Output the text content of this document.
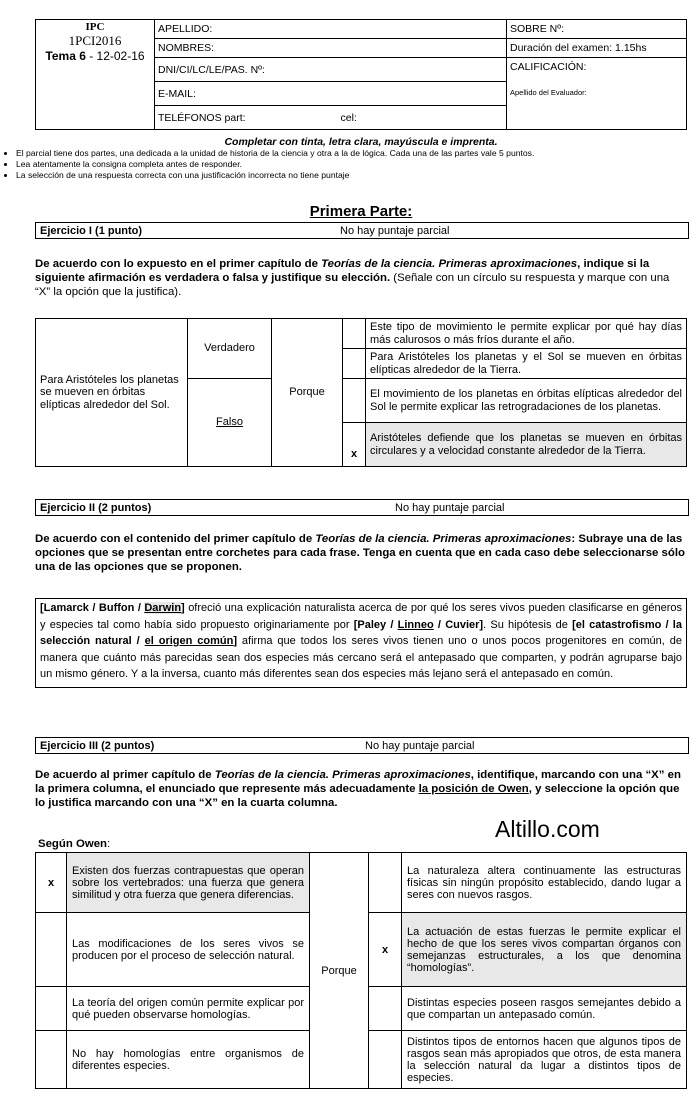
IPC
1PCI2016
Tema 6 - 12-02-16	APELLIDO:	SOBRE Nº:
	NOMBRES:	Duración del examen: 1.15hs
	DNI/CI/LC/LE/PAS. Nº:	CALIFICACIÓN:
Apellido del Evaluador:

	E-MAIL:	
	TELÉFONOS part: cel:	
Completar con tinta, letra clara, mayúscula e imprenta.
• El parcial tiene dos partes, una dedicada a la unidad de historia de la ciencia y otra a la de lógica. Cada una de las partes vale 5 puntos.
• Lea atentamente la consigna completa antes de responder.
• La selección de una respuesta correcta con una justificación incorrecta no tiene puntaje
Primera Parte:
Ejercicio I (1 punto)	No hay puntaje parcial
De acuerdo con lo expuesto en el primer capítulo de Teorías de la ciencia. Primeras aproximaciones, indique si la siguiente afirmación es verdadera o falsa y justifique su elección. (Señale con un círculo su respuesta y marque con una “X” la opción que la justifica).
Para Aristóteles los planetas se mueven en órbitas elípticas alrededor del Sol.	Verdadero	Porque		Este tipo de movimiento le permite explicar por qué hay días más calurosos o más fríos durante el año.
				Para Aristóteles los planetas y el Sol se mueven en órbitas elípticas alrededor de la Tierra.
	Falso			El movimiento de los planetas en órbitas elípticas alrededor del Sol le permite explicar las retrogradaciones de los planetas.
			x	Aristóteles defiende que los planetas se mueven en órbitas circulares y a velocidad constante alrededor de la Tierra.
Ejercicio II (2 puntos)	No hay puntaje parcial
De acuerdo con el contenido del primer capítulo de Teorías de la ciencia. Primeras aproximaciones: Subraye una de las opciones que se presentan entre corchetes para cada frase. Tenga en cuenta que en cada caso debe seleccionarse sólo una de las opciones que se proponen.
[Lamarck / Buffon / Darwin] ofreció una explicación naturalista acerca de por qué los seres vivos pueden clasificarse en géneros y especies tal como había sido propuesto originariamente por [Paley / Linneo / Cuvier]. Su hipótesis de [el catastrofismo / la selección natural / el origen común] afirma que todos los seres vivos tienen uno o unos pocos progenitores en común, de manera que cuánto más parecidas sean dos especies más cercano será el antepasado que comparten, y podrán agruparse bajo un mismo género. Y a la inversa, cuanto más diferentes sean dos especies más lejano será el antepasado en común.
Ejercicio III (2 puntos)	No hay puntaje parcial
De acuerdo al primer capítulo de Teorías de la ciencia. Primeras aproximaciones, identifique, marcando con una “X” en la primera columna, el enunciado que represente más adecuadamente la posición de Owen, y seleccione la opción que lo justifica marcando con una “X” en la cuarta columna.
Según Owen:
Altillo.com
x	Existen dos fuerzas contrapuestas que operan sobre los vertebrados: una fuerza que genera similitud y otra fuerza que genera diferencias.	Porque		La naturaleza altera continuamente las estructuras físicas sin ningún propósito establecido, dando lugar a seres con nuevos rasgos.
	Las modificaciones de los seres vivos se producen por el proceso de selección natural.		x	La actuación de estas fuerzas le permite explicar el hecho de que los seres vivos compartan órganos con semejanzas estructurales, a los que denomina “homologías”.
	La teoría del origen común permite explicar por qué pueden observarse homologías.			Distintas especies poseen rasgos semejantes debido a que compartan un antepasado común.
	No hay homologías entre organismos de diferentes especies.			Distintos tipos de entornos hacen que algunos tipos de rasgos sean más apropiados que otros, de esta manera la selección natural da lugar a distintos tipos de especies.
